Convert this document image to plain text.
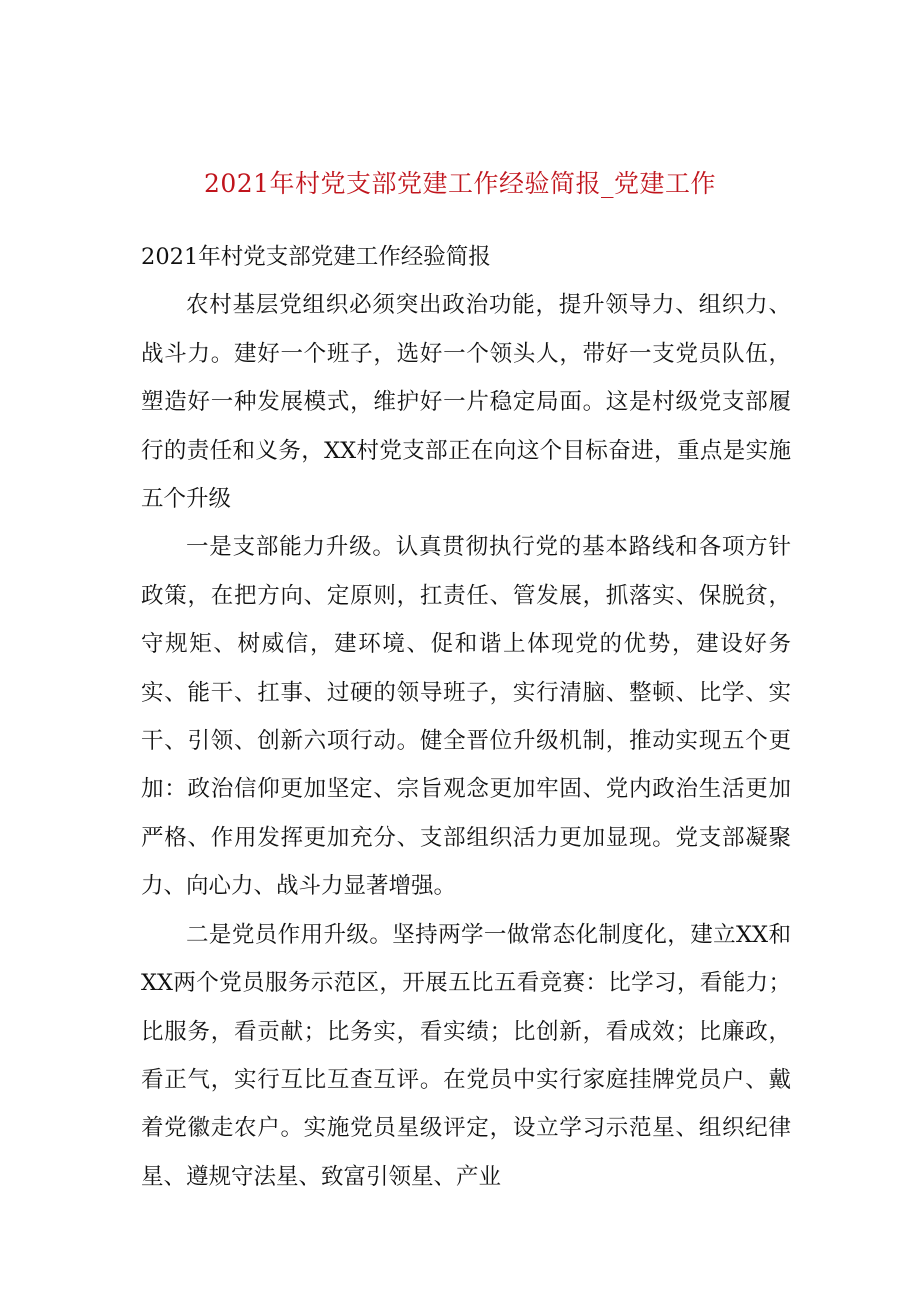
2021年村党支部党建工作经验简报_党建工作

2021年村党支部党建工作经验简报

农村基层党组织必须突出政治功能，提升领导力、组织力、战斗力。建好一个班子，选好一个领头人，带好一支党员队伍，塑造好一种发展模式，维护好一片稳定局面。这是村级党支部履行的责任和义务，XX村党支部正在向这个目标奋进，重点是实施五个升级

一是支部能力升级。认真贯彻执行党的基本路线和各项方针政策，在把方向、定原则，扛责任、管发展，抓落实、保脱贫，守规矩、树威信，建环境、促和谐上体现党的优势，建设好务实、能干、扛事、过硬的领导班子，实行清脑、整顿、比学、实干、引领、创新六项行动。健全晋位升级机制，推动实现五个更加：政治信仰更加坚定、宗旨观念更加牢固、党内政治生活更加严格、作用发挥更加充分、支部组织活力更加显现。党支部凝聚力、向心力、战斗力显著增强。

二是党员作用升级。坚持两学一做常态化制度化，建立XX和XX两个党员服务示范区，开展五比五看竞赛：比学习，看能力；比服务，看贡献；比务实，看实绩；比创新，看成效；比廉政，看正气，实行互比互查互评。在党员中实行家庭挂牌党员户、戴着党徽走农户。实施党员星级评定，设立学习示范星、组织纪律星、遵规守法星、致富引领星、产业
